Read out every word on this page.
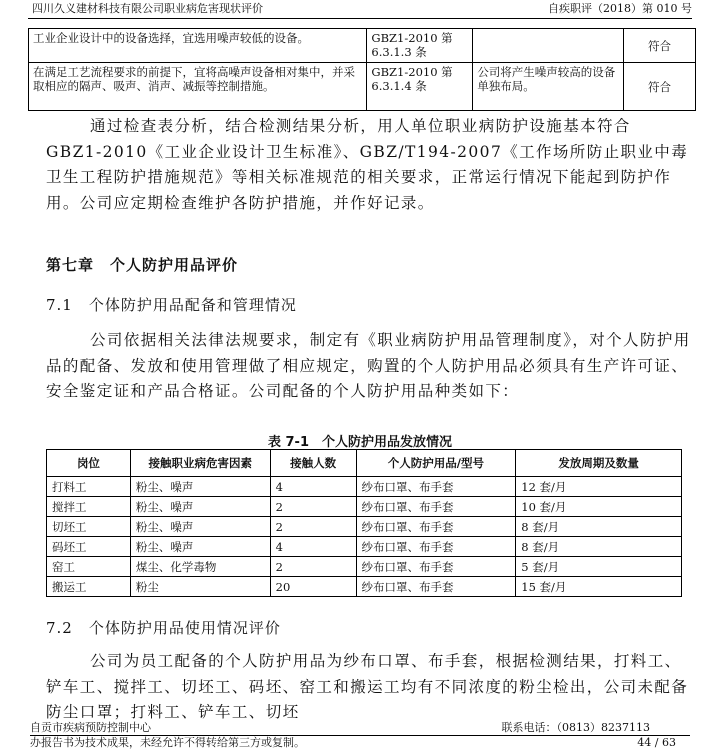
四川久义建材科技有限公司职业病危害现状评价	自疾职评（2018）第 010 号
工业企业设计中的设备选择，宜选用噪声较低的设备。	GBZ1-2010 第 6.3.1.3 条		符合
在满足工艺流程要求的前提下，宜将高噪声设备相对集中，并采取相应的隔声、吸声、消声、减振等控制措施。	GBZ1-2010 第 6.3.1.4 条	公司将产生噪声较高的设备单独布局。	符合
通过检查表分析，结合检测结果分析，用人单位职业病防护设施基本符合 GBZ1-2010《工业企业设计卫生标准》、GBZ/T194-2007《工作场所防止职业中毒卫生工程防护措施规范》等相关标准规范的相关要求，正常运行情况下能起到防护作用。公司应定期检查维护各防护措施，并作好记录。
第七章　个人防护用品评价
7.1　个体防护用品配备和管理情况
公司依据相关法律法规要求，制定有《职业病防护用品管理制度》，对个人防护用品的配备、发放和使用管理做了相应规定，购置的个人防护用品必须具有生产许可证、安全鉴定证和产品合格证。公司配备的个人防护用品种类如下：
表 7-1　个人防护用品发放情况
岗位	接触职业病危害因素	接触人数	个人防护用品/型号	发放周期及数量
打料工	粉尘、噪声	4	纱布口罩、布手套	12 套/月
搅拌工	粉尘、噪声	2	纱布口罩、布手套	10 套/月
切坯工	粉尘、噪声	2	纱布口罩、布手套	8 套/月
码坯工	粉尘、噪声	4	纱布口罩、布手套	8 套/月
窑工	煤尘、化学毒物	2	纱布口罩、布手套	5 套/月
搬运工	粉尘	20	纱布口罩、布手套	15 套/月
7.2　个体防护用品使用情况评价
公司为员工配备的个人防护用品为纱布口罩、布手套，根据检测结果，打料工、铲车工、搅拌工、切坯工、码坯、窑工和搬运工均有不同浓度的粉尘检出，公司未配备防尘口罩；打料工、铲车工、切坯
自贡市疾病预防控制中心	联系电话：（0813）8237113
办报告书为技术成果，未经允许不得转给第三方或复制。	44 / 63
